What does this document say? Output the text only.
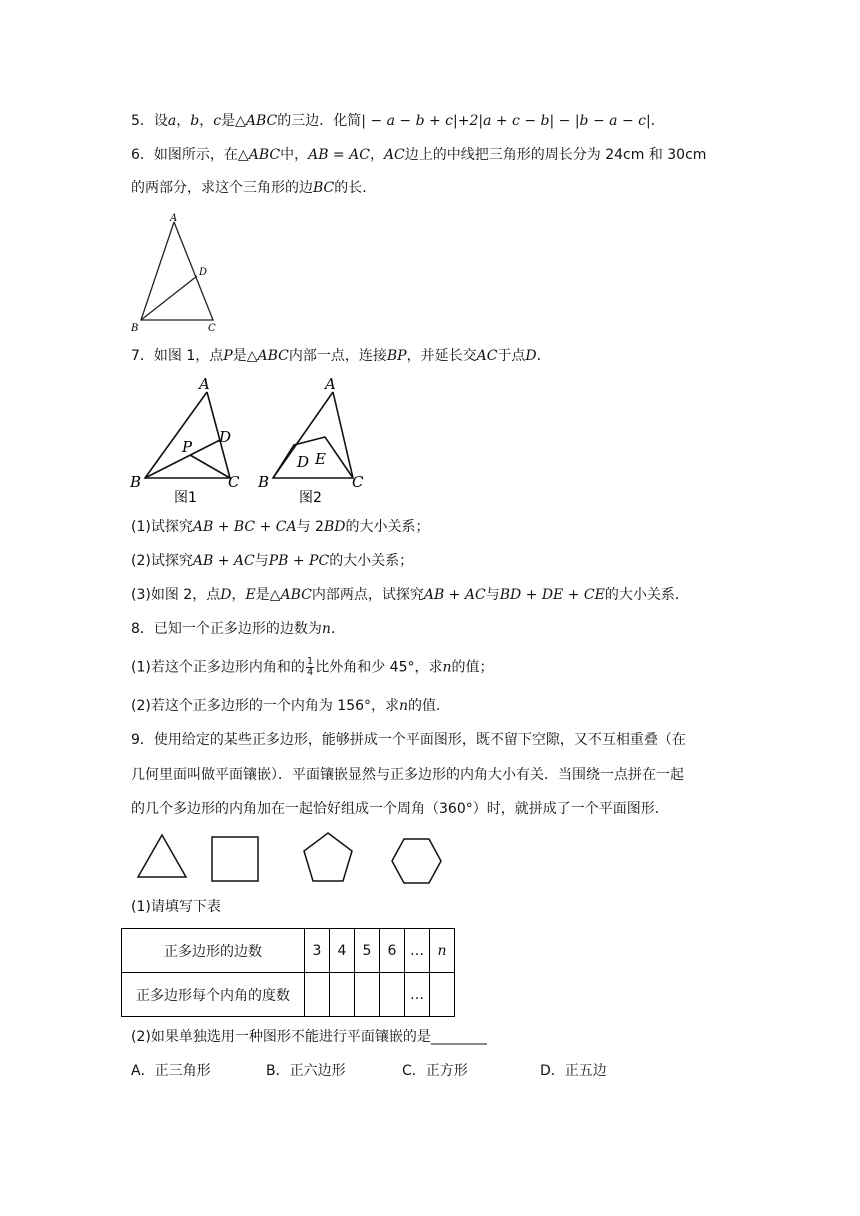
5．设a，b，c是△ABC的三边．化简| − a − b + c|+2|a + c − b| − |b − a − c|．
6．如图所示，在△ABC中，AB = AC，AC边上的中线把三角形的周长分为 24cm 和 30cm
的两部分，求这个三角形的边BC的长．
A
D
B	C
7．如图 1，点P是△ABC内部一点，连接BP，并延长交AC于点D．
A
D
P
B	C
图1
A
D E
B	C
图2
(1)试探究AB + BC + CA与 2BD的大小关系；
(2)试探究AB + AC与PB + PC的大小关系；
(3)如图 2，点D，E是△ABC内部两点，试探究AB + AC与BD + DE + CE的大小关系．
8．已知一个正多边形的边数为n．
(1)若这个正多边形内角和的 $\frac{1}{4}$ 比外角和少 45°，求n的值；
(2)若这个正多边形的一个内角为 156°，求n的值．
9．使用给定的某些正多边形，能够拼成一个平面图形，既不留下空隙，又不互相重叠（在
几何里面叫做平面镶嵌）．平面镶嵌显然与正多边形的内角大小有关．当围绕一点拼在一起
的几个多边形的内角加在一起恰好组成一个周角（360°）时，就拼成了一个平面图形．
(1)请填写下表
正多边形的边数	3	4	5	6	…	n
正多边形每个内角的度数					…	
(2)如果单独选用一种图形不能进行平面镶嵌的是________
A．正三角形	B．正六边形	C．正方形	D．正五边
